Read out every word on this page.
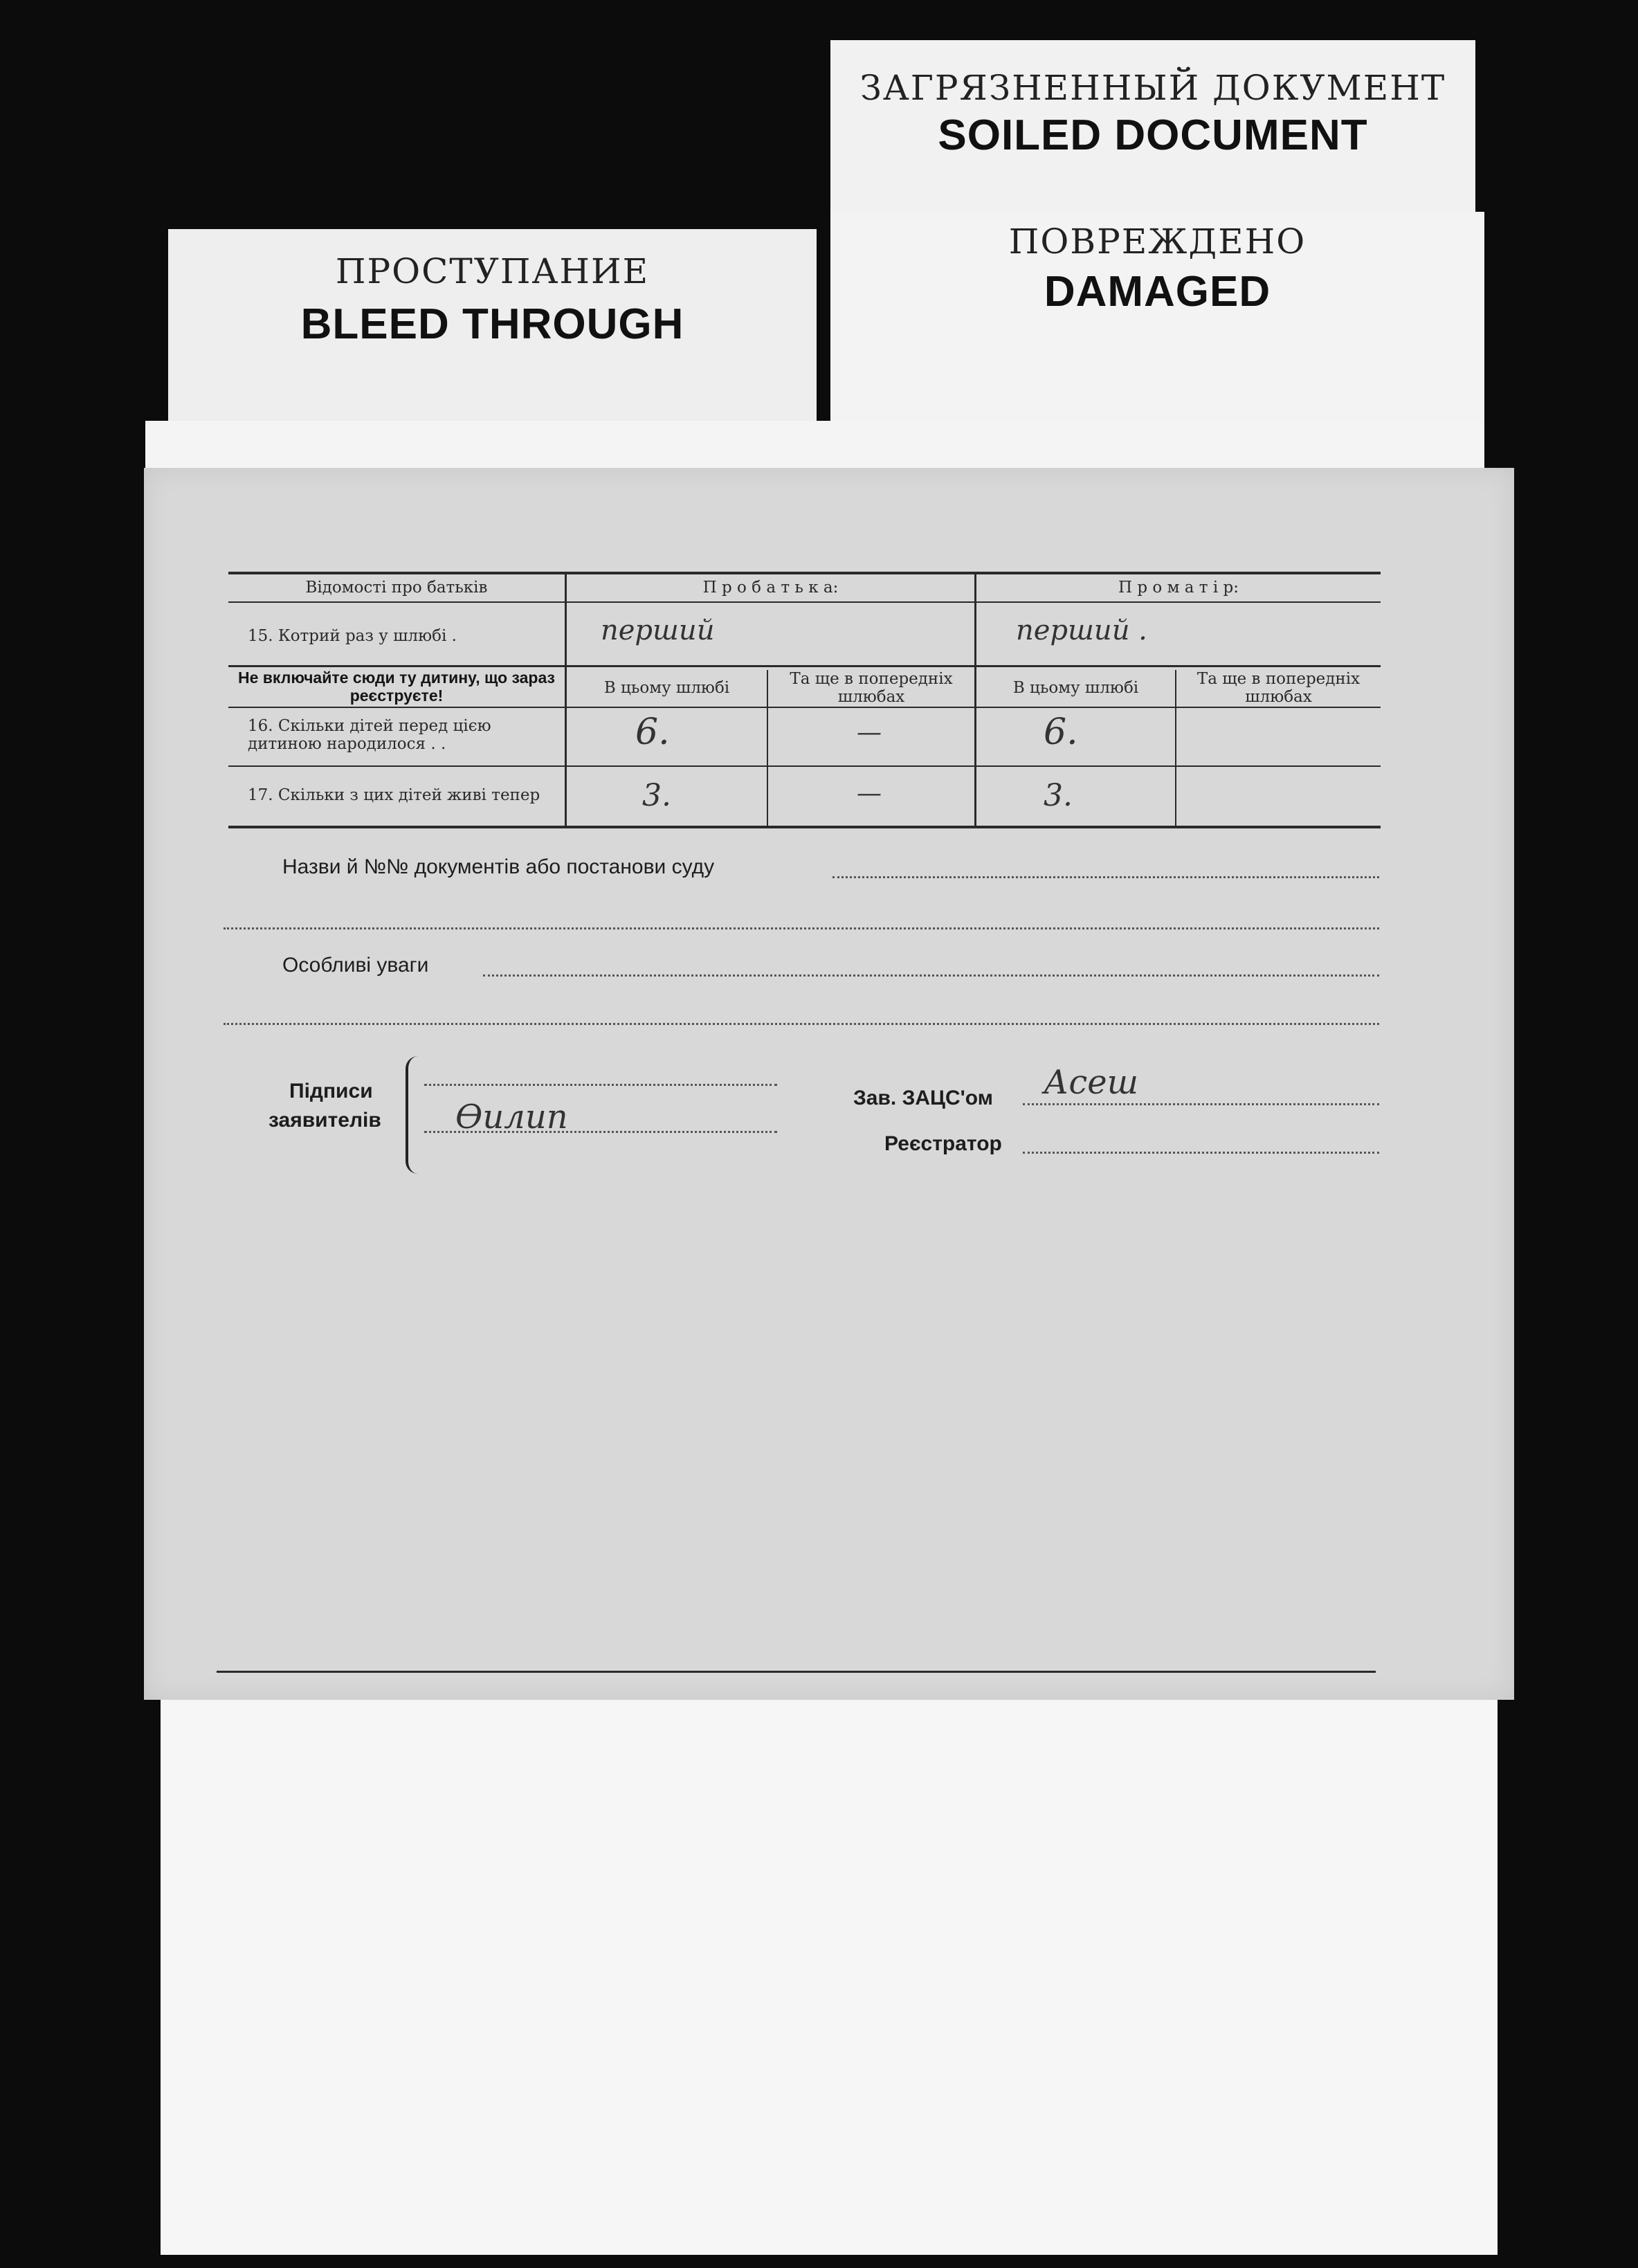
ЗАГРЯЗНЕННЫЙ ДОКУМЕНТ
SOILED DOCUMENT
ПРОСТУПАНИЕ
BLEED THROUGH
ПОВРЕЖДЕНО
DAMAGED
Відомості про батьків	П р о б а т ь к а:	П р о м а т і р:
15. Котрий раз у шлюбі .	перший	перший .
Не включайте сюди ту дитину, що зараз реєструєте!	В цьому шлюбі	Та ще в попередніх шлюбах	В цьому шлюбі	Та ще в попередніх шлюбах
16. Скільки дітей перед цією дитиною народилося . .	6.	—	6.
17. Скільки з цих дітей живі тепер	3.	—	3.
Назви й №№ документів або постанови суду
Особливі уваги
Підписи
заявителів Ѳилип	Зав. ЗАЦС'ом Асеш
Реєстратор
